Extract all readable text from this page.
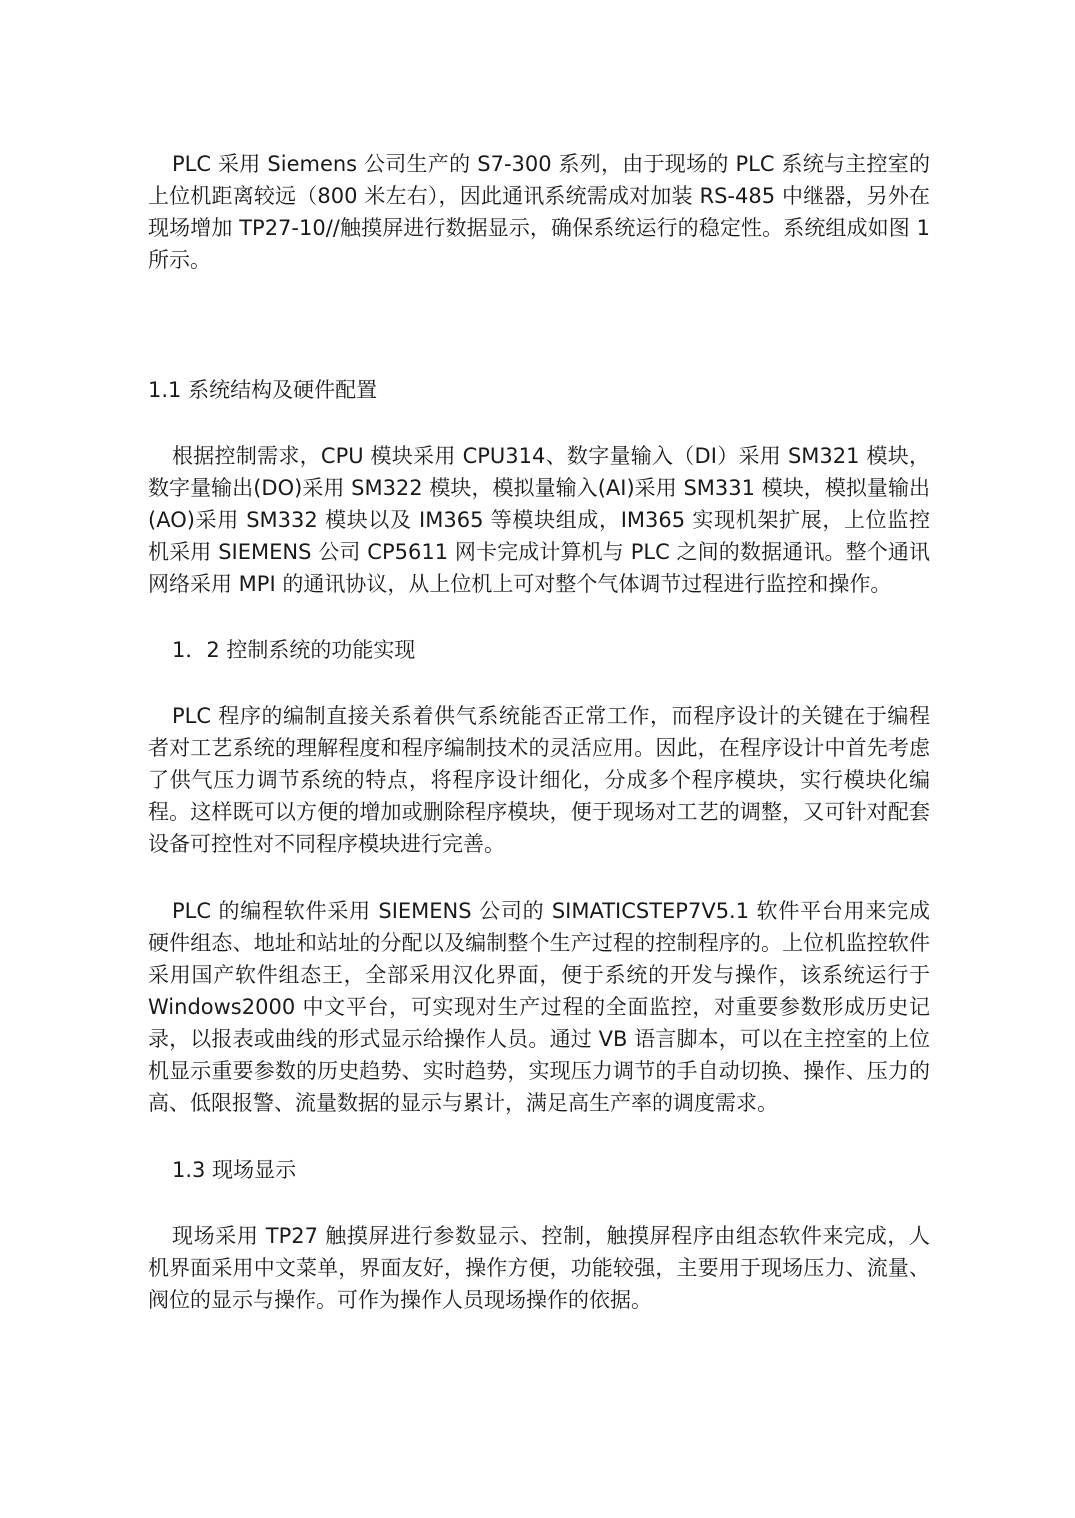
PLC 采用 Siemens 公司生产的 S7-300 系列，由于现场的 PLC 系统与主控室的上位机距离较远（800 米左右），因此通讯系统需成对加装 RS-485 中继器，另外在现场增加 TP27-10//触摸屏进行数据显示，确保系统运行的稳定性。系统组成如图 1 所示。

1.1 系统结构及硬件配置

根据控制需求，CPU 模块采用 CPU314、数字量输入（DI）采用 SM321 模块，数字量输出(DO)采用 SM322 模块，模拟量输入(AI)采用 SM331 模块，模拟量输出(AO)采用 SM332 模块以及 IM365 等模块组成，IM365 实现机架扩展，上位监控机采用 SIEMENS 公司 CP5611 网卡完成计算机与 PLC 之间的数据通讯。整个通讯网络采用 MPI 的通讯协议，从上位机上可对整个气体调节过程进行监控和操作。

1．2 控制系统的功能实现

PLC 程序的编制直接关系着供气系统能否正常工作，而程序设计的关键在于编程者对工艺系统的理解程度和程序编制技术的灵活应用。因此，在程序设计中首先考虑了供气压力调节系统的特点，将程序设计细化，分成多个程序模块，实行模块化编程。这样既可以方便的增加或删除程序模块，便于现场对工艺的调整，又可针对配套设备可控性对不同程序模块进行完善。

PLC 的编程软件采用 SIEMENS 公司的 SIMATICSTEP7V5.1 软件平台用来完成硬件组态、地址和站址的分配以及编制整个生产过程的控制程序的。上位机监控软件采用国产软件组态王，全部采用汉化界面，便于系统的开发与操作，该系统运行于 Windows2000 中文平台，可实现对生产过程的全面监控，对重要参数形成历史记录，以报表或曲线的形式显示给操作人员。通过 VB 语言脚本，可以在主控室的上位机显示重要参数的历史趋势、实时趋势，实现压力调节的手自动切换、操作、压力的高、低限报警、流量数据的显示与累计，满足高生产率的调度需求。

1.3 现场显示

现场采用 TP27 触摸屏进行参数显示、控制，触摸屏程序由组态软件来完成，人机界面采用中文菜单，界面友好，操作方便，功能较强，主要用于现场压力、流量、阀位的显示与操作。可作为操作人员现场操作的依据。
